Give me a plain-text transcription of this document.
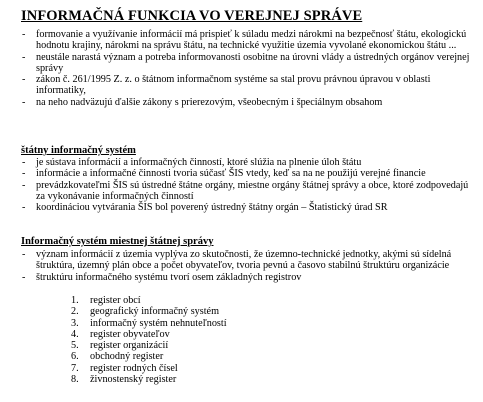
INFORMAČNÁ FUNKCIA VO VEREJNEJ SPRÁVE
- formovanie a využívanie informácií má prispieť k súladu medzi nárokmi na bezpečnosť štátu, ekologickú hodnotu krajiny, nárokmi na správu štátu, na technické využitie územia vyvolané ekonomickou štátu ...
- neustále narastá význam a potreba informovanosti osobitne na úrovni vlády a ústredných orgánov verejnej správy
- zákon č. 261/1995 Z. z. o štátnom informačnom systéme sa stal provu právnou úpravou v oblasti informatiky,
- na neho nadväzujú ďalšie zákony s prierezovým, všeobecným i špeciálnym obsahom
štátny informačný systém
- je sústava informácií a informačných činností, ktoré slúžia na plnenie úloh štátu
- informácie a informačné činnosti tvoria súčasť ŠIS vtedy, keď sa na ne použijú verejné financie
- prevádzkovateľmi ŠIS sú ústredné štátne orgány, miestne orgány štátnej správy a obce, ktoré zodpovedajú za vykonávanie informačných činností
- koordináciou vytvárania ŠIS bol poverený ústredný štátny orgán – Štatistický úrad SR
Informačný systém miestnej štátnej správy
- význam informácií z územia vyplýva zo skutočnosti, že územno-technické jednotky, akými sú sídelná štruktúra, územný plán obce a počet obyvateľov, tvoria pevnú a časovo stabilnú štruktúru organizácie
- štruktúru informačného systému tvorí osem základných registrov
1. register obcí
2. geografický informačný systém
3. informačný systém nehnuteľností
4. register obyvateľov
5. register organizácií
6. obchodný register
7. register rodných čísel
8. živnostenský register
